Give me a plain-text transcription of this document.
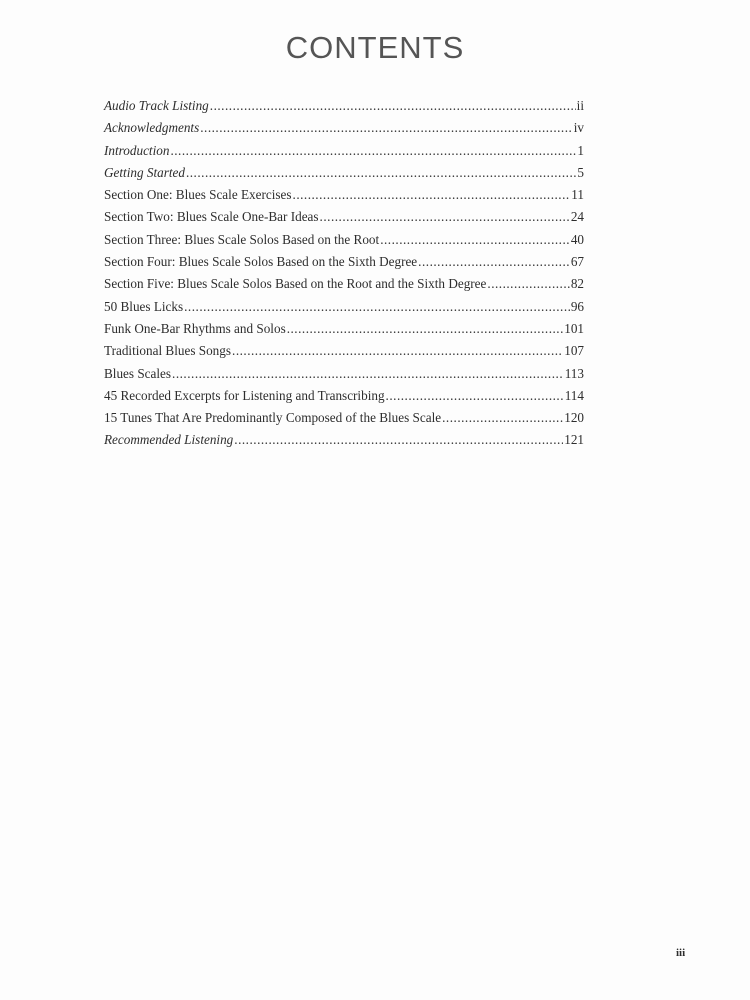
CONTENTS
Audio Track Listing .....	ii
Acknowledgments .....	iv
Introduction .....	1
Getting Started .....	5
Section One: Blues Scale Exercises .....	11
Section Two: Blues Scale One-Bar Ideas .....	24
Section Three: Blues Scale Solos Based on the Root .....	40
Section Four: Blues Scale Solos Based on the Sixth Degree .....	67
Section Five: Blues Scale Solos Based on the Root and the Sixth Degree .....	82
50 Blues Licks .....	96
Funk One-Bar Rhythms and Solos .....	101
Traditional Blues Songs .....	107
Blues Scales .....	113
45 Recorded Excerpts for Listening and Transcribing .....	114
15 Tunes That Are Predominantly Composed of the Blues Scale .....	120
Recommended Listening .....	121
iii
